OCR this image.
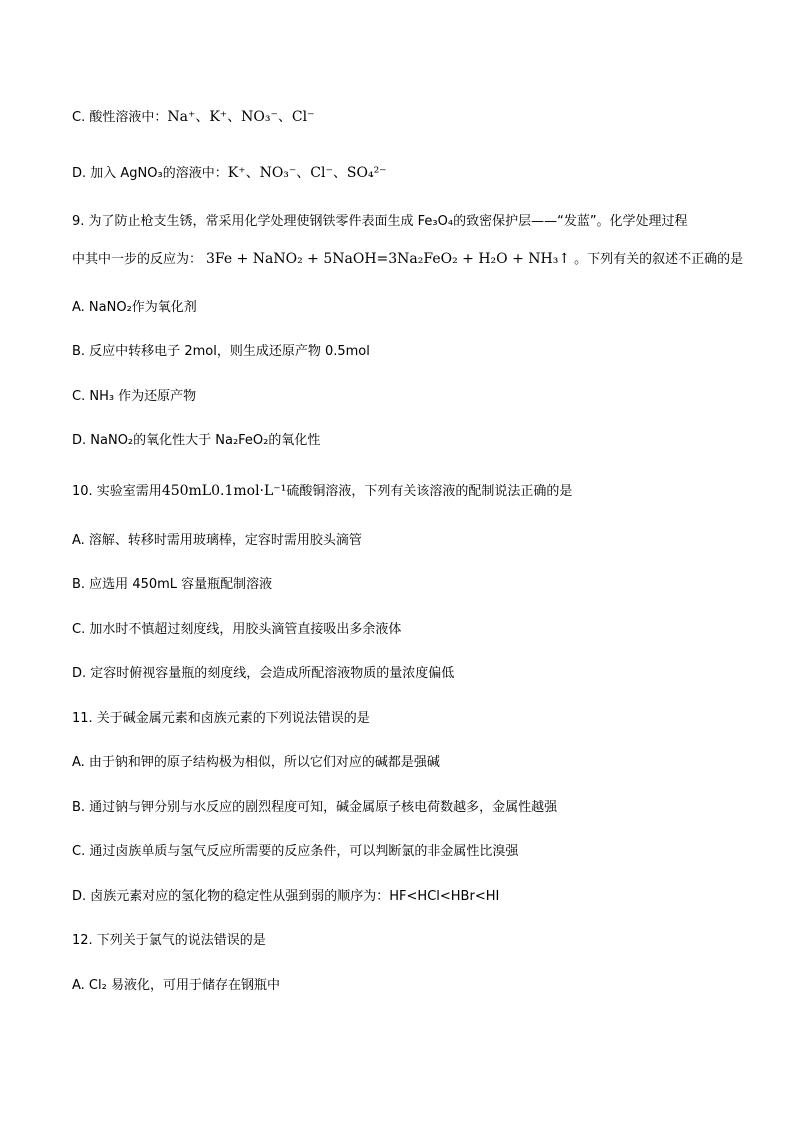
C. 酸性溶液中：Na⁺、K⁺、NO₃⁻、Cl⁻
D. 加入 AgNO₃的溶液中：K⁺、NO₃⁻、Cl⁻、SO₄²⁻
9. 为了防止枪支生锈，常采用化学处理使钢铁零件表面生成 Fe₃O₄的致密保护层——“发蓝”。化学处理过程
中其中一步的反应为： 3Fe + NaNO₂ + 5NaOH=3Na₂FeO₂ + H₂O + NH₃↑ 。下列有关的叙述不正确的是
A. NaNO₂作为氧化剂
B. 反应中转移电子 2mol，则生成还原产物 0.5mol
C. NH₃ 作为还原产物
D. NaNO₂的氧化性大于 Na₂FeO₂的氧化性
10. 实验室需用450mL0.1mol·L⁻¹硫酸铜溶液，下列有关该溶液的配制说法正确的是
A. 溶解、转移时需用玻璃棒，定容时需用胶头滴管
B. 应选用 450mL 容量瓶配制溶液
C. 加水时不慎超过刻度线，用胶头滴管直接吸出多余液体
D. 定容时俯视容量瓶的刻度线，会造成所配溶液物质的量浓度偏低
11. 关于碱金属元素和卤族元素的下列说法错误的是
A. 由于钠和钾的原子结构极为相似，所以它们对应的碱都是强碱
B. 通过钠与钾分别与水反应的剧烈程度可知，碱金属原子核电荷数越多，金属性越强
C. 通过卤族单质与氢气反应所需要的反应条件，可以判断氯的非金属性比溴强
D. 卤族元素对应的氢化物的稳定性从强到弱的顺序为：HF<HCl<HBr<HI
12. 下列关于氯气的说法错误的是
A. Cl₂ 易液化，可用于储存在钢瓶中
